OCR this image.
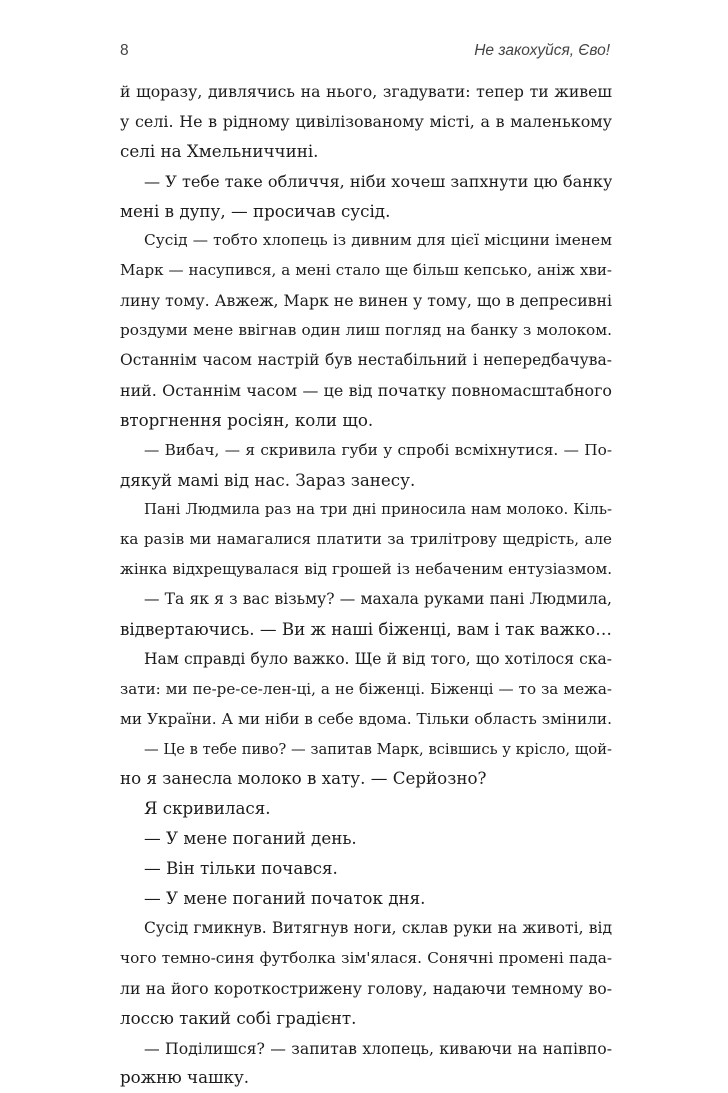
8	Не закохуйся, Єво!
й щоразу, дивлячись на нього, згадувати: тепер ти живеш
у селі. Не в рідному цивілізованому місті, а в маленькому
селі на Хмельниччині.
— У тебе таке обличчя, ніби хочеш запхнути цю банку
мені в дупу, — просичав сусід.
Сусід — тобто хлопець із дивним для цієї місцини іменем
Марк — насупився, а мені стало ще більш кепсько, аніж хви-
лину тому. Авжеж, Марк не винен у тому, що в депресивні
роздуми мене ввігнав один лиш погляд на банку з молоком.
Останнім часом настрій був нестабільний і непередбачува-
ний. Останнім часом — це від початку повномасштабного
вторгнення росіян, коли що.
— Вибач, — я скривила губи у спробі всміхнутися. — По-
дякуй мамі від нас. Зараз занесу.
Пані Людмила раз на три дні приносила нам молоко. Кіль-
ка разів ми намагалися платити за трилітрову щедрість, але
жінка відхрещувалася від грошей із небаченим ентузіазмом.
— Та як я з вас візьму? — махала руками пані Людмила,
відвертаючись. — Ви ж наші біженці, вам і так важко…
Нам справді було важко. Ще й від того, що хотілося ска-
зати: ми пе-ре-се-лен-ці, а не біженці. Біженці — то за межа-
ми України. А ми ніби в себе вдома. Тільки область змінили.
— Це в тебе пиво? — запитав Марк, всівшись у крісло, щой-
но я занесла молоко в хату. — Серйозно?
Я скривилася.
— У мене поганий день.
— Він тільки почався.
— У мене поганий початок дня.
Сусід гмикнув. Витягнув ноги, склав руки на животі, від
чого темно-синя футболка зім'ялася. Сонячні промені пада-
ли на його короткострижену голову, надаючи темному во-
лоссю такий собі градієнт.
— Поділишся? — запитав хлопець, киваючи на напівпо-
рожню чашку.
